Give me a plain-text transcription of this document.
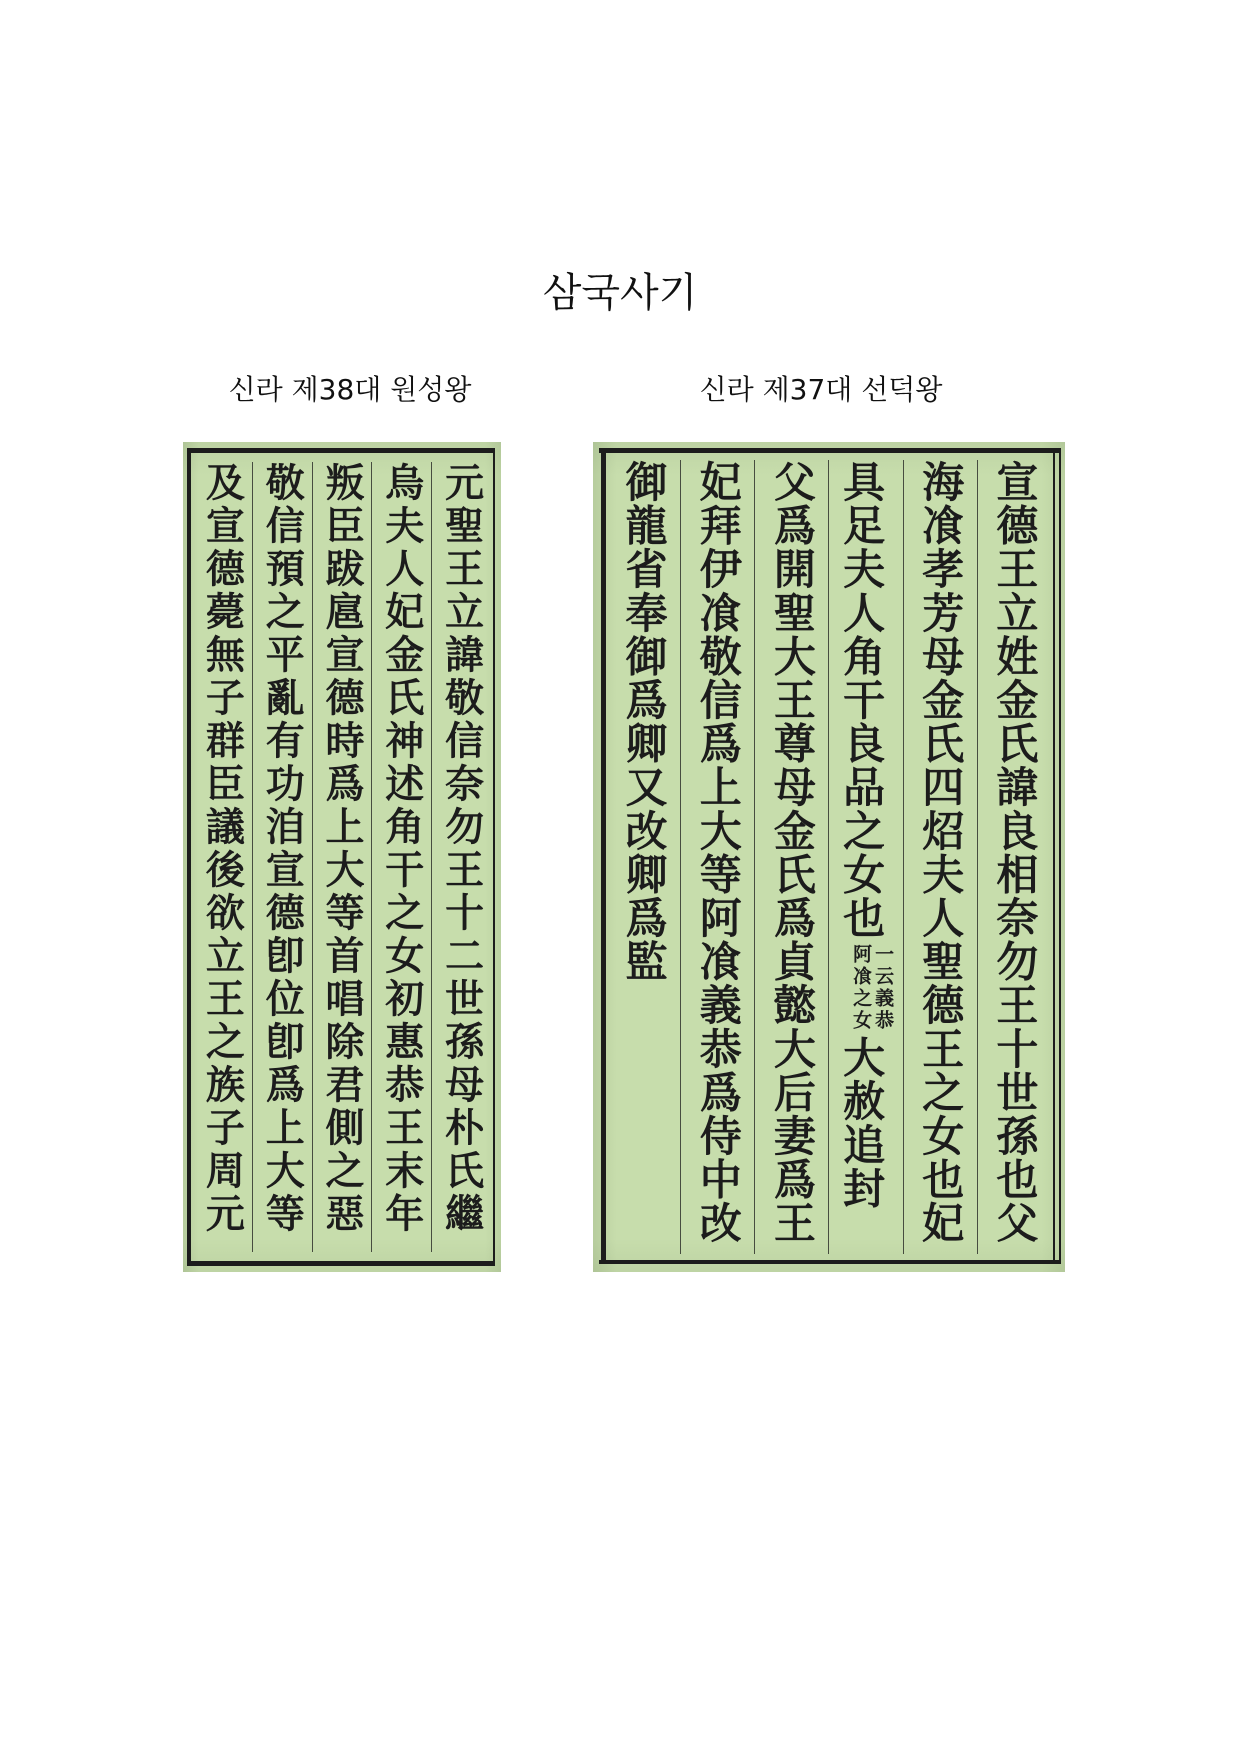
삼국사기
신라 제38대 원성왕	신라 제37대 선덕왕
元聖王立諱敬信奈勿王十二世孫母朴氏繼
烏夫人妃金氏神述角干之女初惠恭王末年
叛臣跋扈宣德時爲上大等首唱除君側之惡
敬信預之平亂有功洎宣德卽位卽爲上大等
及宣德薨無子群臣議後欲立王之族子周元	宣德王立姓金氏諱良相奈勿王十世孫也父
海飡孝芳母金氏四炤夫人聖德王之女也妃
具足夫人角干良品之女也
一云義恭
阿飡之女
大赦追封
父爲開聖大王尊母金氏爲貞懿大后妻爲王
妃拜伊飡敬信爲上大等阿飡義恭爲侍中改
御龍省奉御爲卿又改卿爲監
